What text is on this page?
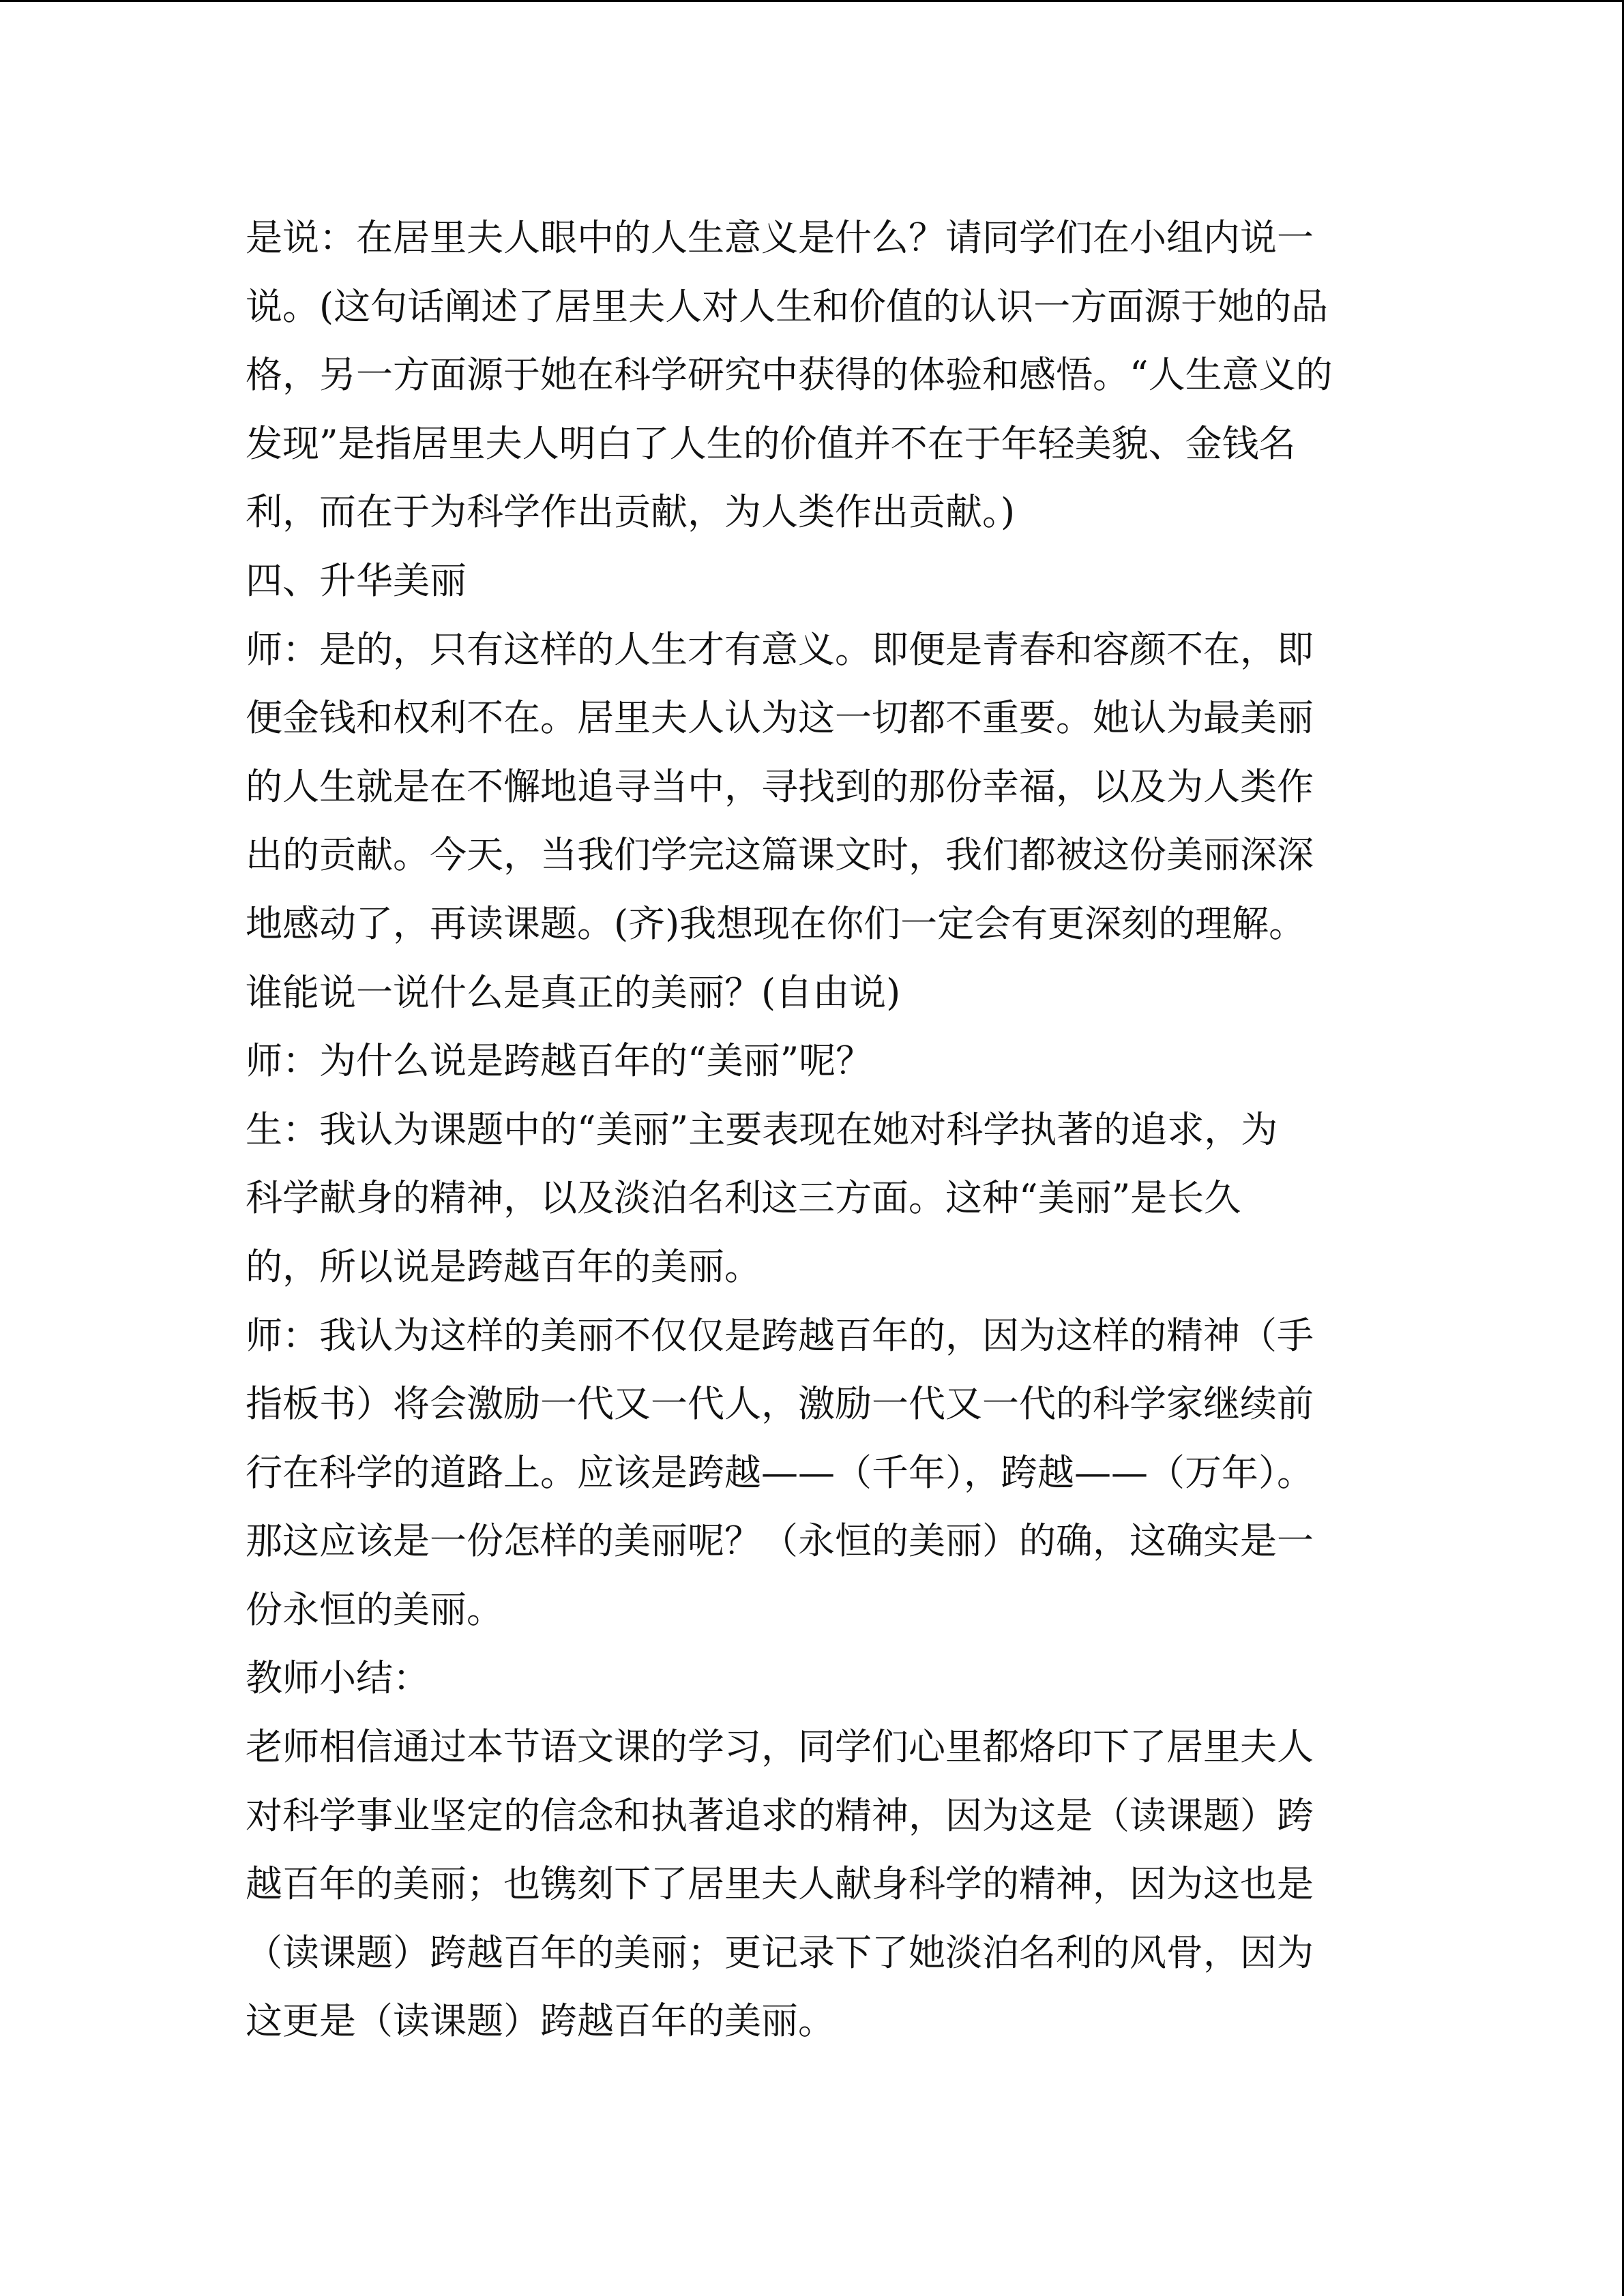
是说：在居里夫人眼中的人生意义是什么？请同学们在小组内说一
说。(这句话阐述了居里夫人对人生和价值的认识一方面源于她的品
格，另一方面源于她在科学研究中获得的体验和感悟。“人生意义的
发现”是指居里夫人明白了人生的价值并不在于年轻美貌、金钱名
利，而在于为科学作出贡献，为人类作出贡献。)
四、升华美丽
师：是的，只有这样的人生才有意义。即便是青春和容颜不在，即
便金钱和权利不在。居里夫人认为这一切都不重要。她认为最美丽
的人生就是在不懈地追寻当中，寻找到的那份幸福，以及为人类作
出的贡献。今天，当我们学完这篇课文时，我们都被这份美丽深深
地感动了，再读课题。(齐)我想现在你们一定会有更深刻的理解。
谁能说一说什么是真正的美丽？(自由说)
师：为什么说是跨越百年的“美丽”呢？
生：我认为课题中的“美丽”主要表现在她对科学执著的追求，为
科学献身的精神，以及淡泊名利这三方面。这种“美丽”是长久
的，所以说是跨越百年的美丽。
师：我认为这样的美丽不仅仅是跨越百年的，因为这样的精神（手
指板书）将会激励一代又一代人，激励一代又一代的科学家继续前
行在科学的道路上。应该是跨越——（千年），跨越——（万年）。
那这应该是一份怎样的美丽呢？（永恒的美丽）的确，这确实是一
份永恒的美丽。
教师小结：
老师相信通过本节语文课的学习，同学们心里都烙印下了居里夫人
对科学事业坚定的信念和执著追求的精神，因为这是（读课题）跨
越百年的美丽；也镌刻下了居里夫人献身科学的精神，因为这也是
（读课题）跨越百年的美丽；更记录下了她淡泊名利的风骨，因为
这更是（读课题）跨越百年的美丽。
